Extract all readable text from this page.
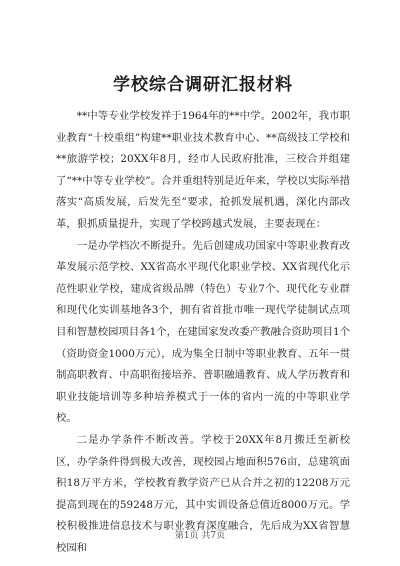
学校综合调研汇报材料

**中等专业学校发祥于1964年的**中学。2002年，我市职业教育“十校重组”构建**职业技术教育中心、**高级技工学校和**旅游学校；20XX年8月，经市人民政府批准，三校合并组建了“**中等专业学校”。合并重组特别是近年来，学校以实际举措落实“高质发展，后发先至”要求，抢抓发展机遇，深化内部改革，狠抓质量提升，实现了学校跨越式发展，主要表现在：

一是办学档次不断提升。先后创建成功国家中等职业教育改革发展示范学校、XX省高水平现代化职业学校、XX省现代化示范性职业学校，建成省级品牌（特色）专业7个、现代化专业群和现代化实训基地各3个，拥有省首批市唯一现代学徒制试点项目和智慧校园项目各1个，在建国家发改委产教融合资助项目1个（资助资金1000万元），成为集全日制中等职业教育、五年一贯制高职教育、中高职衔接培养、普职融通教育、成人学历教育和职业技能培训等多种培养模式于一体的省内一流的中等职业学校。

二是办学条件不断改善。学校于20XX年8月搬迁至新校区，办学条件得到极大改善，现校园占地面积576亩，总建筑面积18万平方米，学校教育教学资产已从合并之初的12208万元提高到现在的59248万元，其中实训设备总值近8000万元。学校积极推进信息技术与职业教育深度融合，先后成为XX省智慧校园和

第1页 共7页
